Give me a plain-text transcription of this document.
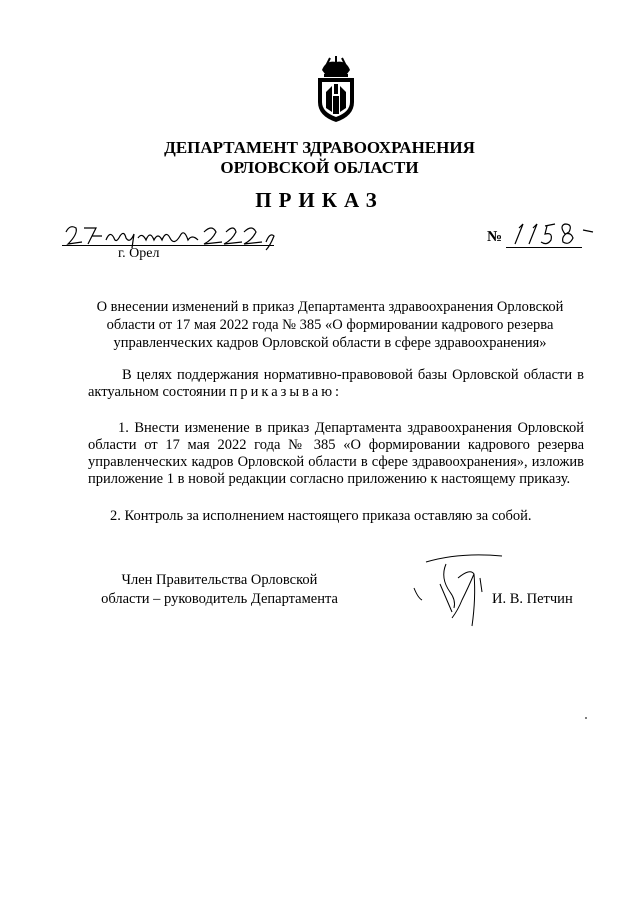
ДЕПАРТАМЕНТ ЗДРАВООХРАНЕНИЯ
ОРЛОВСКОЙ ОБЛАСТИ
ПРИКАЗ
г. Орел
№
О внесении изменений в приказ Департамента здравоохранения Орловской области от 17 мая 2022 года № 385 «О формировании кадрового резерва управленческих кадров Орловской области в сфере здравоохранения»
В целях поддержания нормативно-правововой базы Орловской области в актуальном состоянии приказываю:
1. Внести изменение в приказ Департамента здравоохранения Орловской области от 17 мая 2022 года № 385 «О формировании кадрового резерва управленческих кадров Орловской области в сфере здравоохранения», изложив приложение 1 в новой редакции согласно приложению к настоящему приказу.
2. Контроль за исполнением настоящего приказа оставляю за собой.
Член Правительства Орловской
области – руководитель Департамента	И. В. Петчин
